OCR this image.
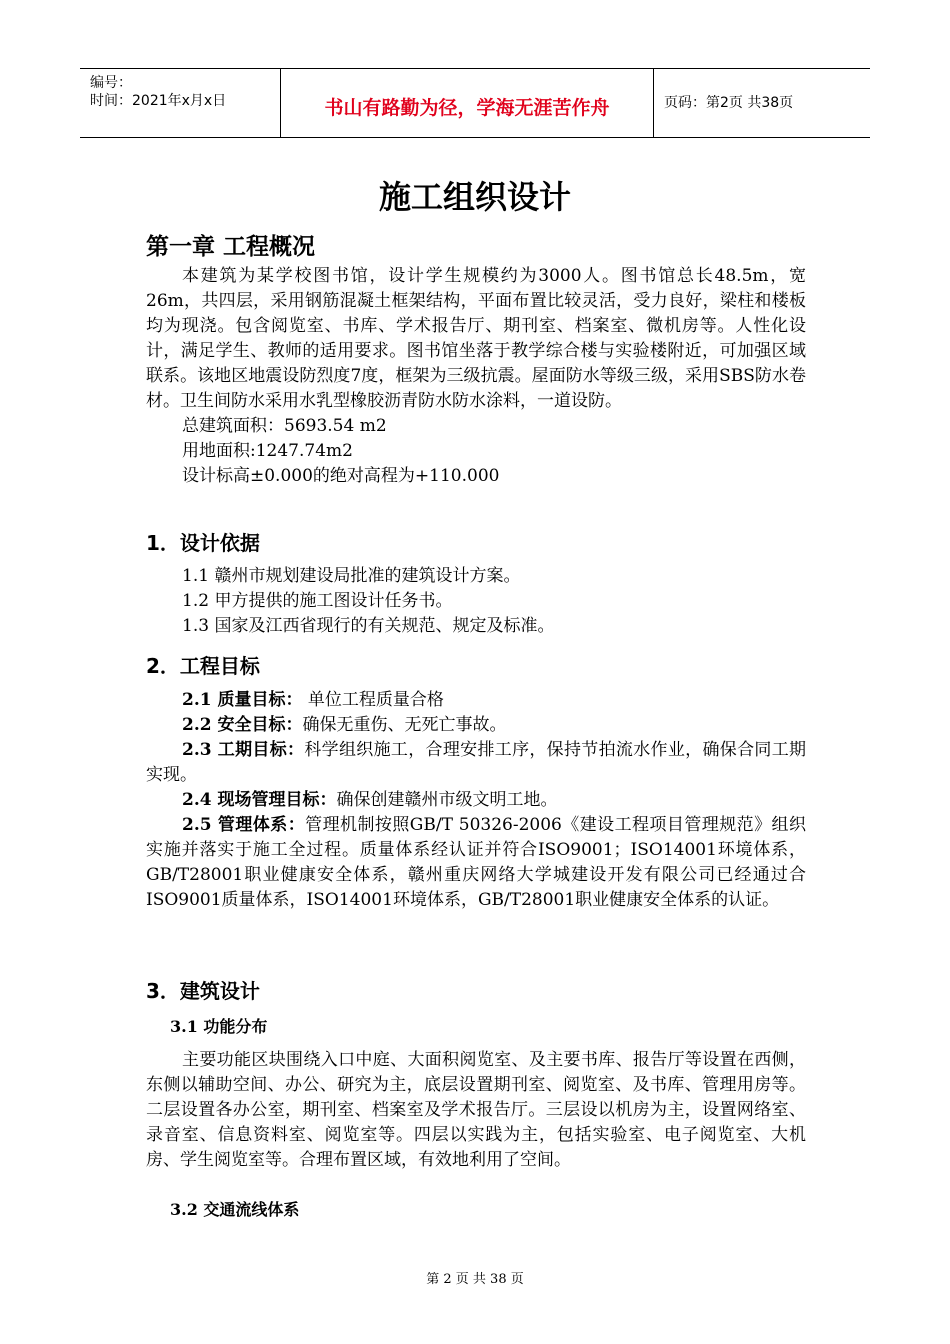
编号：
时间：2021年x月x日	书山有路勤为径，学海无涯苦作舟	页码：第2页 共38页
施工组织设计
第一章 工程概况

本建筑为某学校图书馆，设计学生规模约为3000人。图书馆总长48.5m，宽26m，共四层，采用钢筋混凝土框架结构，平面布置比较灵活，受力良好，梁柱和楼板均为现浇。包含阅览室、书库、学术报告厅、期刊室、档案室、微机房等。人性化设计，满足学生、教师的适用要求。图书馆坐落于教学综合楼与实验楼附近，可加强区域联系。该地区地震设防烈度7度，框架为三级抗震。屋面防水等级三级，采用SBS防水卷材。卫生间防水采用水乳型橡胶沥青防水防水涂料，一道设防。

总建筑面积：5693.54 m2

用地面积:1247.74m2

设计标高±0.000的绝对高程为+110.000

1．设计依据

1.1 赣州市规划建设局批准的建筑设计方案。

1.2 甲方提供的施工图设计任务书。

1.3 国家及江西省现行的有关规范、规定及标准。

2．工程目标

2.1 质量目标： 单位工程质量合格

2.2 安全目标：确保无重伤、无死亡事故。

2.3 工期目标：科学组织施工，合理安排工序，保持节拍流水作业，确保合同工期实现。

2.4 现场管理目标：确保创建赣州市级文明工地。

2.5 管理体系：管理机制按照GB/T 50326-2006《建设工程项目管理规范》组织实施并落实于施工全过程。质量体系经认证并符合ISO9001；ISO14001环境体系，GB/T28001职业健康安全体系，赣州重庆网络大学城建设开发有限公司已经通过合ISO9001质量体系，ISO14001环境体系，GB/T28001职业健康安全体系的认证。

3．建筑设计
3.1 功能分布

主要功能区块围绕入口中庭、大面积阅览室、及主要书库、报告厅等设置在西侧，东侧以辅助空间、办公、研究为主，底层设置期刊室、阅览室、及书库、管理用房等。二层设置各办公室，期刊室、档案室及学术报告厅。三层设以机房为主，设置网络室、录音室、信息资料室、阅览室等。四层以实践为主，包括实验室、电子阅览室、大机房、学生阅览室等。合理布置区域，有效地利用了空间。

3.2 交通流线体系
第 2 页 共 38 页
